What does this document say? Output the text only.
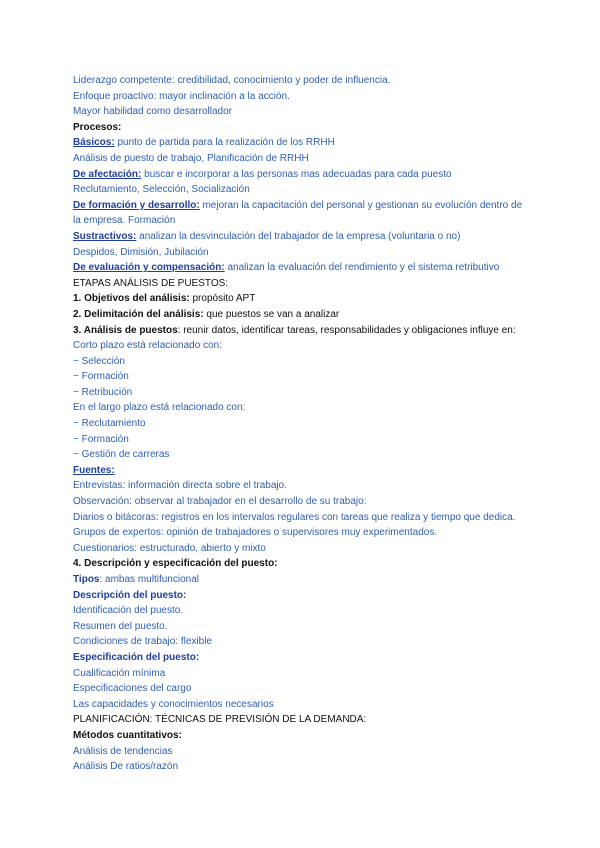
Liderazgo competente: credibilidad, conocimiento y poder de influencia.
Enfoque proactivo: mayor inclinación a la acción.
Mayor habilidad como desarrollador
Procesos:
Básicos: punto de partida para la realización de los RRHH
Análisis de puesto de trabajo, Planificación de RRHH
De afectación: buscar e incorporar a las personas mas adecuadas para cada puesto
Reclutamiento, Selección, Socialización
De formación y desarrollo: mejoran la capacitación del personal y gestionan su evolución dentro de
la empresa. Formación
Sustractivos: analizan la desvinculación del trabajador de la empresa (voluntaria o no)
Despidos, Dimisión, Jubilación
De evaluación y compensación: analizan la evaluación del rendimiento y el sistema retributivo
ETAPAS ANÁLISIS DE PUESTOS:
1. Objetivos del análisis: propósito APT
2. Delimitación del análisis: que puestos se van a analizar
3. Análisis de puestos: reunir datos, identificar tareas, responsabilidades y obligaciones influye en:
Corto plazo está relacionado con:
− Selección
− Formación
− Retribución
En el largo plazo está relacionado con:
− Reclutamiento
− Formación
− Gestión de carreras
Fuentes:
Entrevistas: información directa sobre el trabajo.
Observación: observar al trabajador en el desarrollo de su trabajo:
Diarios o bitácoras: registros en los intervalos regulares con tareas que realiza y tiempo que dedica.
Grupos de expertos: opinión de trabajadores o supervisores muy experimentados.
Cuestionarios: estructurado, abierto y mixto
4. Descripción y especificación del puesto:
Tipos: ambas multifuncional
Descripción del puesto:
Identificación del puesto.
Resumen del puesto.
Condiciones de trabajo: flexible
Especificación del puesto:
Cualificación mínima
Especificaciones del cargo
Las capacidades y conocimientos necesarios
PLANIFICACIÓN: TÉCNICAS DE PREVISIÓN DE LA DEMANDA:
Métodos cuantitativos:
Análisis de tendencias
Análisis De ratios/razón
